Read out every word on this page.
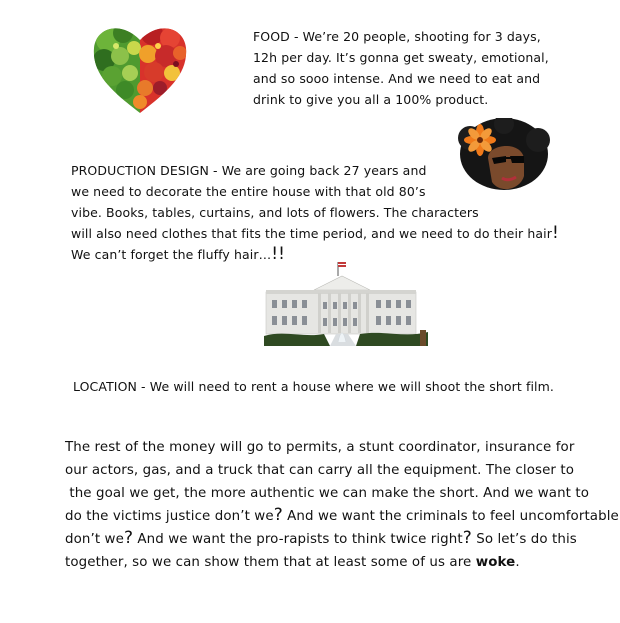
FOOD - We’re 20 people, shooting for 3 days,

12h per day. It’s gonna get sweaty, emotional,

and so sooo intense. And we need to eat and

drink to give you all a 100% product.

PRODUCTION DESIGN - We are going back 27 years and

we need to decorate the entire house with that old 80’s

vibe. Books, tables, curtains, and lots of flowers. The characters

will also need clothes that fits the time period, and we need to do their hair!

We can’t forget the fluffy hair…!!

LOCATION - We will need to rent a house where we will shoot the short film.

The rest of the money will go to permits, a stunt coordinator, insurance for

our actors, gas, and a truck that can carry all the equipment. The closer to

the goal we get, the more authentic we can make the short. And we want to

do the victims justice don’t we? And we want the criminals to feel uncomfortable

don’t we? And we want the pro-rapists to think twice right? So let’s do this

together, so we can show them that at least some of us are woke.
